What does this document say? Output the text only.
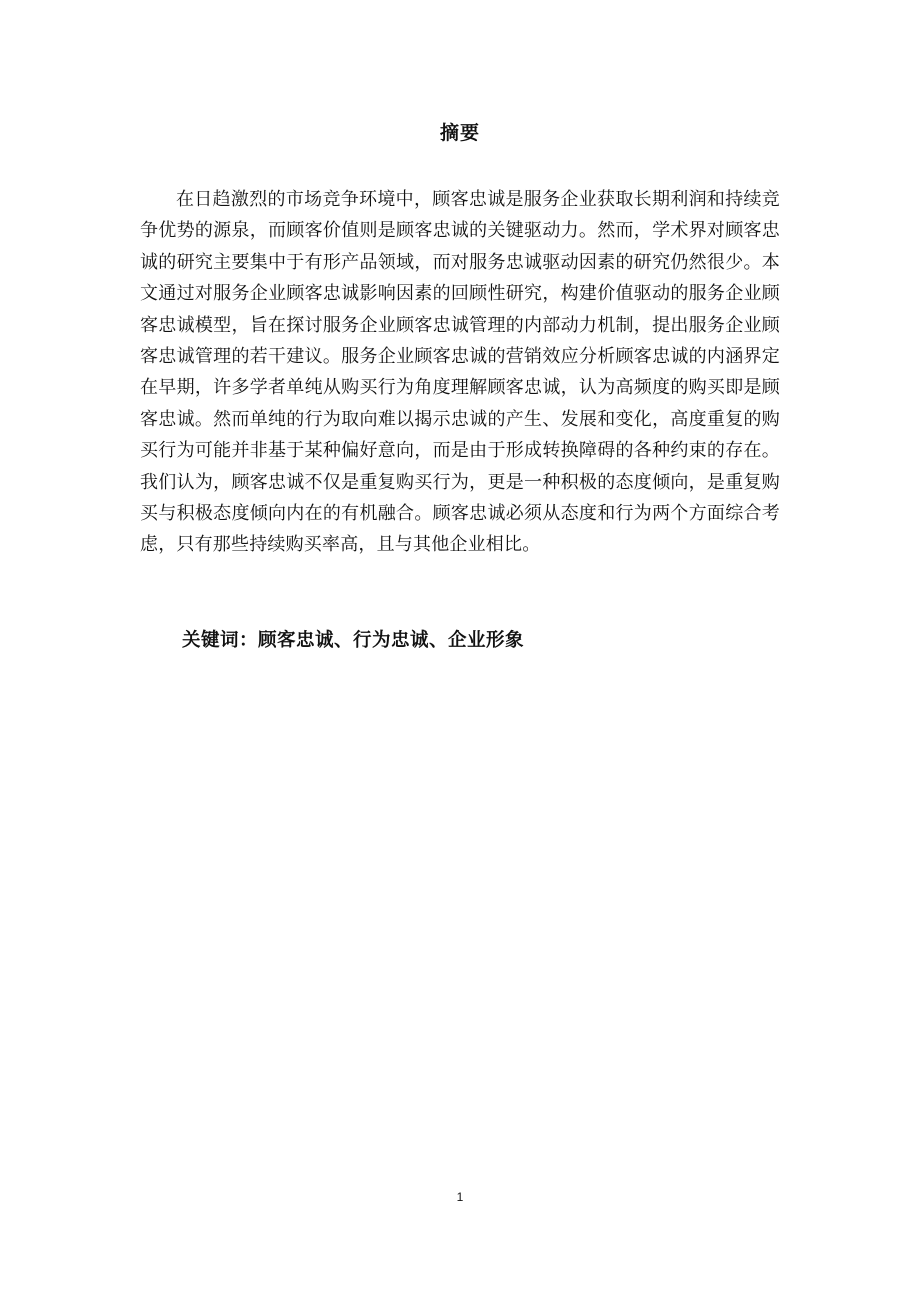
摘要

在日趋激烈的市场竞争环境中，顾客忠诚是服务企业获取长期利润和持续竞争优势的源泉，而顾客价值则是顾客忠诚的关键驱动力。然而，学术界对顾客忠诚的研究主要集中于有形产品领域，而对服务忠诚驱动因素的研究仍然很少。本文通过对服务企业顾客忠诚影响因素的回顾性研究，构建价值驱动的服务企业顾客忠诚模型，旨在探讨服务企业顾客忠诚管理的内部动力机制，提出服务企业顾客忠诚管理的若干建议。服务企业顾客忠诚的营销效应分析顾客忠诚的内涵界定在早期，许多学者单纯从购买行为角度理解顾客忠诚，认为高频度的购买即是顾客忠诚。然而单纯的行为取向难以揭示忠诚的产生、发展和变化，高度重复的购买行为可能并非基于某种偏好意向，而是由于形成转换障碍的各种约束的存在。我们认为，顾客忠诚不仅是重复购买行为，更是一种积极的态度倾向，是重复购买与积极态度倾向内在的有机融合。顾客忠诚必须从态度和行为两个方面综合考虑，只有那些持续购买率高，且与其他企业相比。

关键词：顾客忠诚、行为忠诚、企业形象
1
